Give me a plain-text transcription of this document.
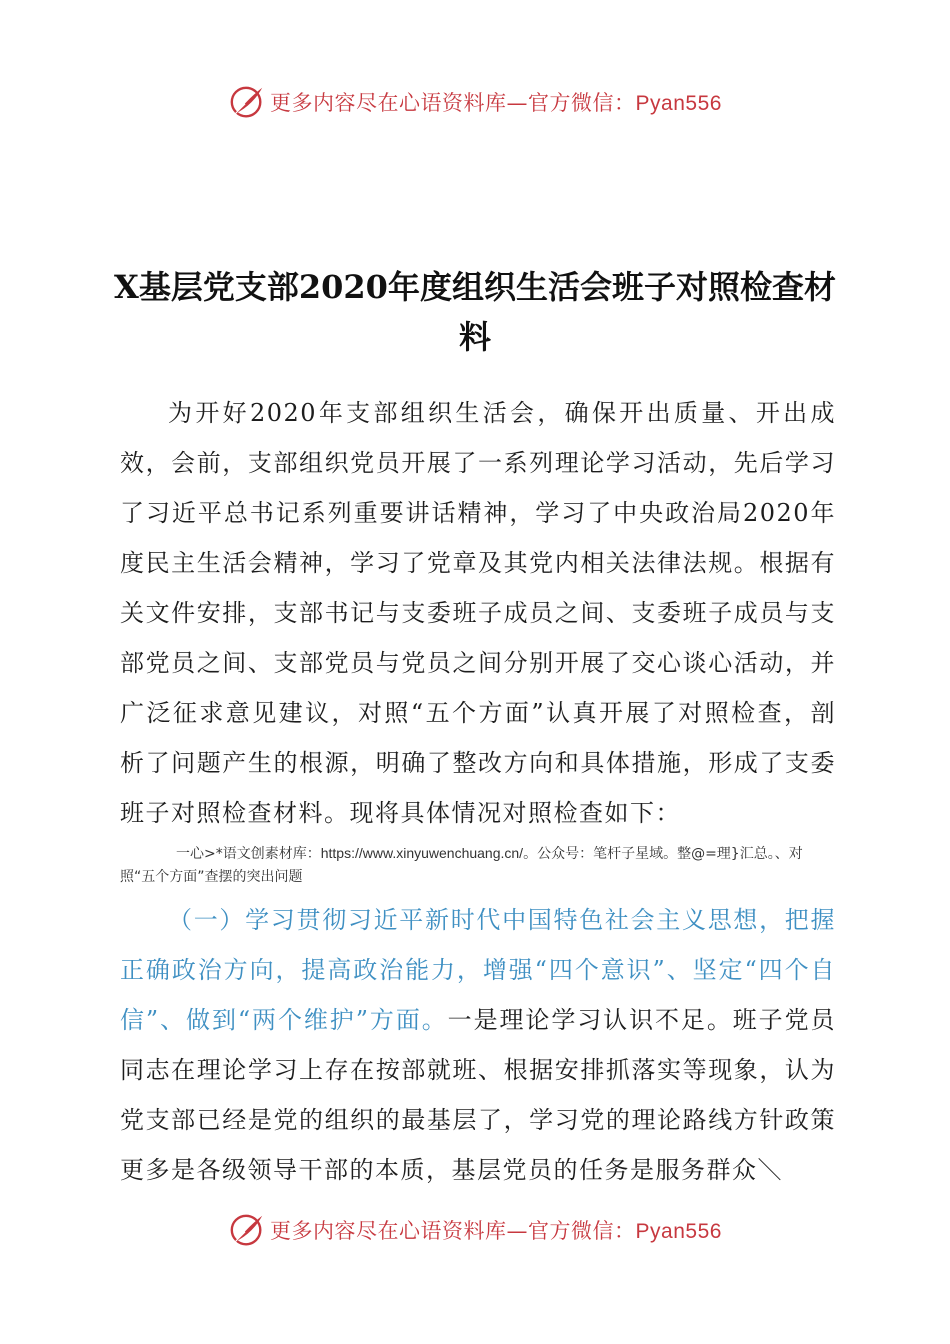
更多内容尽在心语资料库—官方微信：Pyan556
X基层党支部2020年度组织生活会班子对照检查材料

为开好2020年支部组织生活会，确保开出质量、开出成效，会前，支部组织党员开展了一系列理论学习活动，先后学习了习近平总书记系列重要讲话精神，学习了中央政治局2020年度民主生活会精神，学习了党章及其党内相关法律法规。根据有关文件安排，支部书记与支委班子成员之间、支委班子成员与支部党员之间、支部党员与党员之间分别开展了交心谈心活动，并广泛征求意见建议，对照“五个方面”认真开展了对照检查，剖析了问题产生的根源，明确了整改方向和具体措施，形成了支委班子对照检查材料。现将具体情况对照检查如下：

一心>*语文创素材库：https://www.xinyuwenchuang.cn/。公众号：笔杆子星域。整@=理}汇总。、对照“五个方面”查摆的突出问题

（一）学习贯彻习近平新时代中国特色社会主义思想，把握正确政治方向，提高政治能力，增强“四个意识”、坚定“四个自信”、做到“两个维护”方面。一是理论学习认识不足。班子党员同志在理论学习上存在按部就班、根据安排抓落实等现象，认为党支部已经是党的组织的最基层了，学习党的理论路线方针政策更多是各级领导干部的本质，基层党员的任务是服务群众＼

更多内容尽在心语资料库—官方微信：Pyan556
